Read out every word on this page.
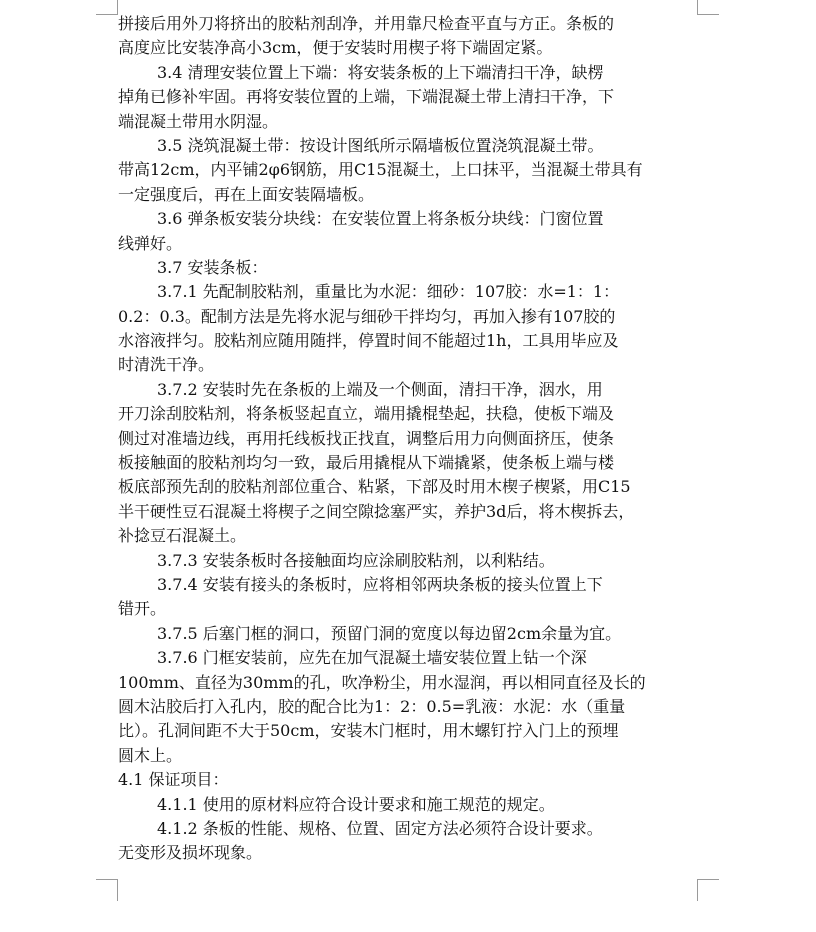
拼接后用外刀将挤出的胶粘剂刮净，并用靠尺检查平直与方正。条板的
高度应比安装净高小3cm，便于安装时用楔子将下端固定紧。
3.4 清理安装位置上下端：将安装条板的上下端清扫干净，缺楞
掉角已修补牢固。再将安装位置的上端，下端混凝土带上清扫干净，下
端混凝土带用水阴湿。
3.5 浇筑混凝土带：按设计图纸所示隔墙板位置浇筑混凝土带。
带高12cm，内平铺2φ6钢筋，用C15混凝土，上口抹平，当混凝土带具有
一定强度后，再在上面安装隔墙板。
3.6 弹条板安装分块线：在安装位置上将条板分块线：门窗位置
线弹好。
3.7 安装条板：
3.7.1 先配制胶粘剂，重量比为水泥：细砂：107胶：水=1：1：
0.2：0.3。配制方法是先将水泥与细砂干拌均匀，再加入掺有107胶的
水溶液拌匀。胶粘剂应随用随拌，停置时间不能超过1h，工具用毕应及
时清洗干净。
3.7.2 安装时先在条板的上端及一个侧面，清扫干净，洇水，用
开刀涂刮胶粘剂，将条板竖起直立，端用撬棍垫起，扶稳，使板下端及
侧过对准墙边线，再用托线板找正找直，调整后用力向侧面挤压，使条
板接触面的胶粘剂均匀一致，最后用撬棍从下端撬紧，使条板上端与楼
板底部预先刮的胶粘剂部位重合、粘紧，下部及时用木楔子楔紧，用C15
半干硬性豆石混凝土将楔子之间空隙捻塞严实，养护3d后，将木楔拆去，
补捻豆石混凝土。
3.7.3 安装条板时各接触面均应涂刷胶粘剂，以利粘结。
3.7.4 安装有接头的条板时，应将相邻两块条板的接头位置上下
错开。
3.7.5 后塞门框的洞口，预留门洞的宽度以每边留2cm余量为宜。
3.7.6 门框安装前，应先在加气混凝土墙安装位置上钻一个深
100mm、直径为30mm的孔，吹净粉尘，用水湿润，再以相同直径及长的
圆木沾胶后打入孔内，胶的配合比为1：2：0.5=乳液：水泥：水（重量
比）。孔洞间距不大于50cm，安装木门框时，用木螺钉拧入门上的预埋
圆木上。
4.1 保证项目：
4.1.1 使用的原材料应符合设计要求和施工规范的规定。
4.1.2 条板的性能、规格、位置、固定方法必须符合设计要求。
无变形及损坏现象。
